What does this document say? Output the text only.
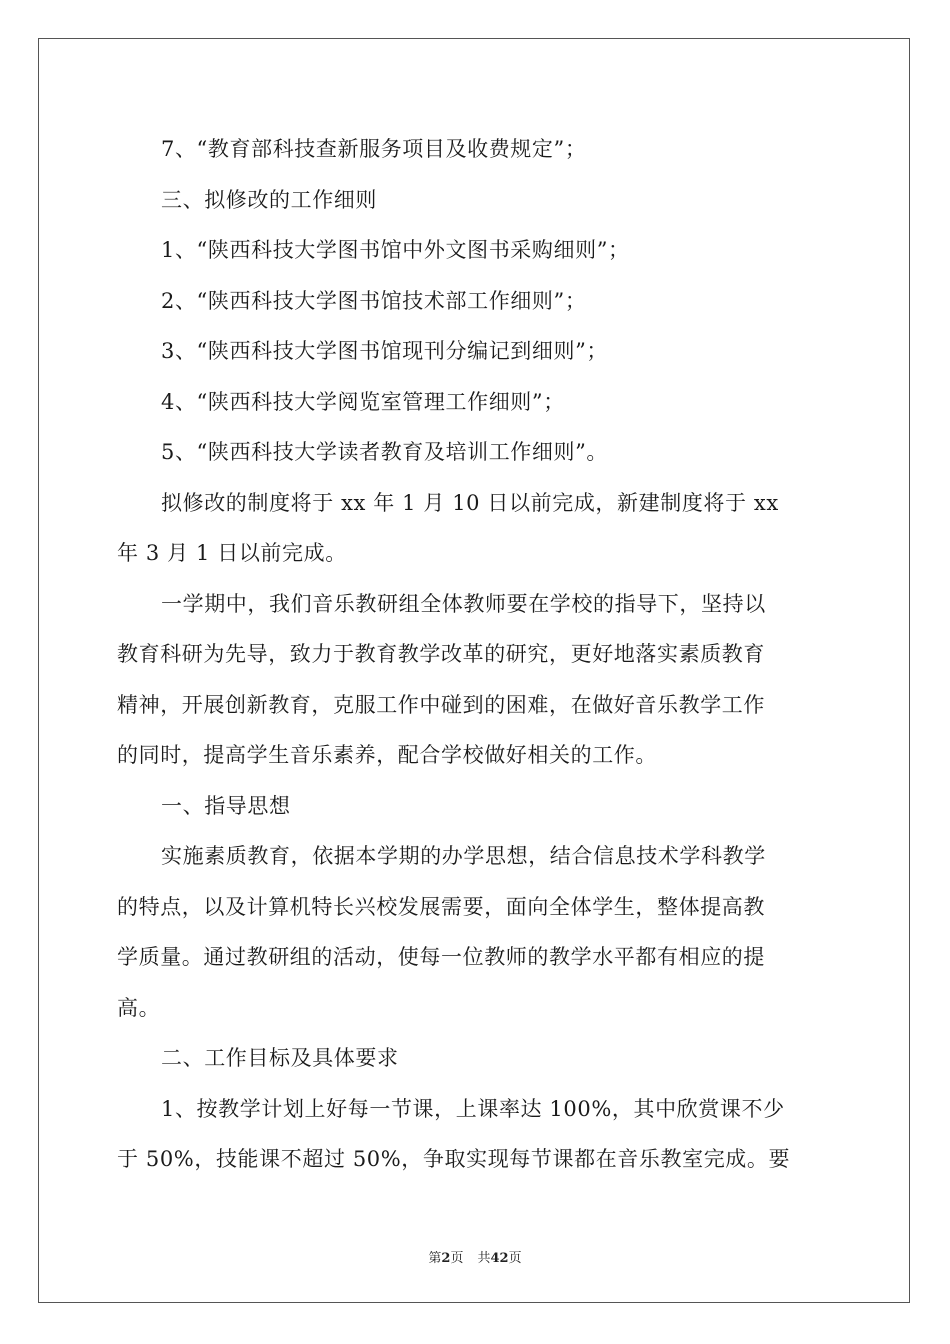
7、“教育部科技查新服务项目及收费规定”；
三、拟修改的工作细则
1、“陕西科技大学图书馆中外文图书采购细则”；
2、“陕西科技大学图书馆技术部工作细则”；
3、“陕西科技大学图书馆现刊分编记到细则”；
4、“陕西科技大学阅览室管理工作细则”；
5、“陕西科技大学读者教育及培训工作细则”。
拟修改的制度将于 xx 年 1 月 10 日以前完成，新建制度将于 xx
年 3 月 1 日以前完成。
一学期中，我们音乐教研组全体教师要在学校的指导下，坚持以
教育科研为先导，致力于教育教学改革的研究，更好地落实素质教育
精神，开展创新教育，克服工作中碰到的困难，在做好音乐教学工作
的同时，提高学生音乐素养，配合学校做好相关的工作。
一、指导思想
实施素质教育，依据本学期的办学思想，结合信息技术学科教学
的特点，以及计算机特长兴校发展需要，面向全体学生，整体提高教
学质量。通过教研组的活动，使每一位教师的教学水平都有相应的提
高。
二、工作目标及具体要求
1、按教学计划上好每一节课，上课率达 100%，其中欣赏课不少
于 50%，技能课不超过 50%，争取实现每节课都在音乐教室完成。要
第2页 共42页
